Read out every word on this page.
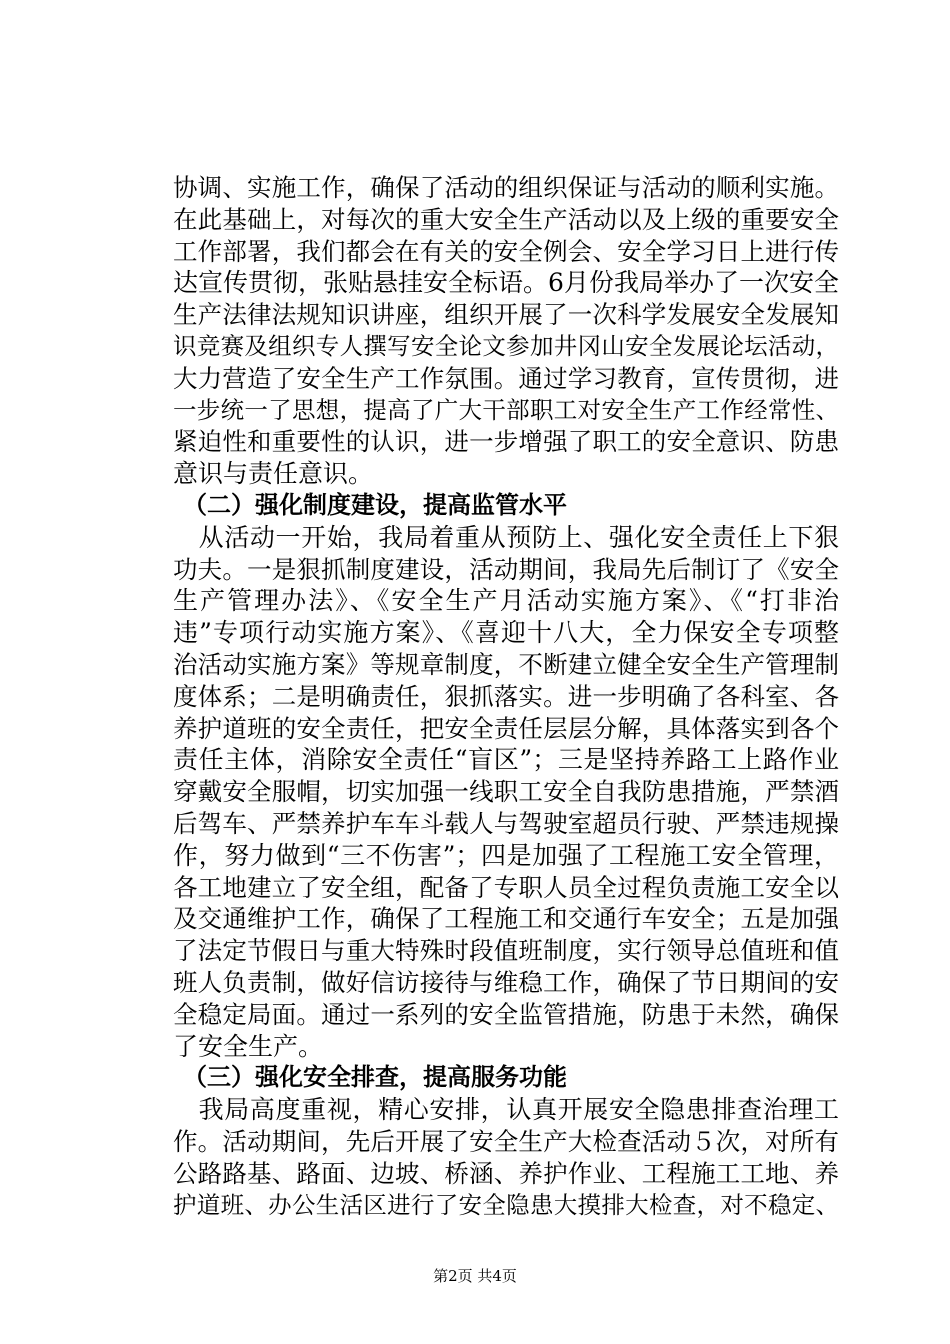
协调、实施工作，确保了活动的组织保证与活动的顺利实施。
在此基础上，对每次的重大安全生产活动以及上级的重要安全
工作部署，我们都会在有关的安全例会、安全学习日上进行传
达宣传贯彻，张贴悬挂安全标语。6月份我局举办了一次安全
生产法律法规知识讲座，组织开展了一次科学发展安全发展知
识竞赛及组织专人撰写安全论文参加井冈山安全发展论坛活动，
大力营造了安全生产工作氛围。通过学习教育，宣传贯彻，进
一步统一了思想，提高了广大干部职工对安全生产工作经常性、
紧迫性和重要性的认识，进一步增强了职工的安全意识、防患
意识与责任意识。
（二）强化制度建设，提高监管水平
　从活动一开始，我局着重从预防上、强化安全责任上下狠
功夫。一是狠抓制度建设，活动期间，我局先后制订了《安全
生产管理办法》、《安全生产月活动实施方案》、《“打非治
违”专项行动实施方案》、《喜迎十八大，全力保安全专项整
治活动实施方案》等规章制度，不断建立健全安全生产管理制
度体系；二是明确责任，狠抓落实。进一步明确了各科室、各
养护道班的安全责任，把安全责任层层分解，具体落实到各个
责任主体，消除安全责任“盲区”；三是坚持养路工上路作业
穿戴安全服帽，切实加强一线职工安全自我防患措施，严禁酒
后驾车、严禁养护车车斗载人与驾驶室超员行驶、严禁违规操
作，努力做到“三不伤害”；四是加强了工程施工安全管理，
各工地建立了安全组，配备了专职人员全过程负责施工安全以
及交通维护工作，确保了工程施工和交通行车安全；五是加强
了法定节假日与重大特殊时段值班制度，实行领导总值班和值
班人负责制，做好信访接待与维稳工作，确保了节日期间的安
全稳定局面。通过一系列的安全监管措施，防患于未然，确保
了安全生产。
（三）强化安全排查，提高服务功能
　我局高度重视，精心安排，认真开展安全隐患排查治理工
作。活动期间，先后开展了安全生产大检查活动５次，对所有
公路路基、路面、边坡、桥涵、养护作业、工程施工工地、养
护道班、办公生活区进行了安全隐患大摸排大检查，对不稳定、
第2页 共4页
